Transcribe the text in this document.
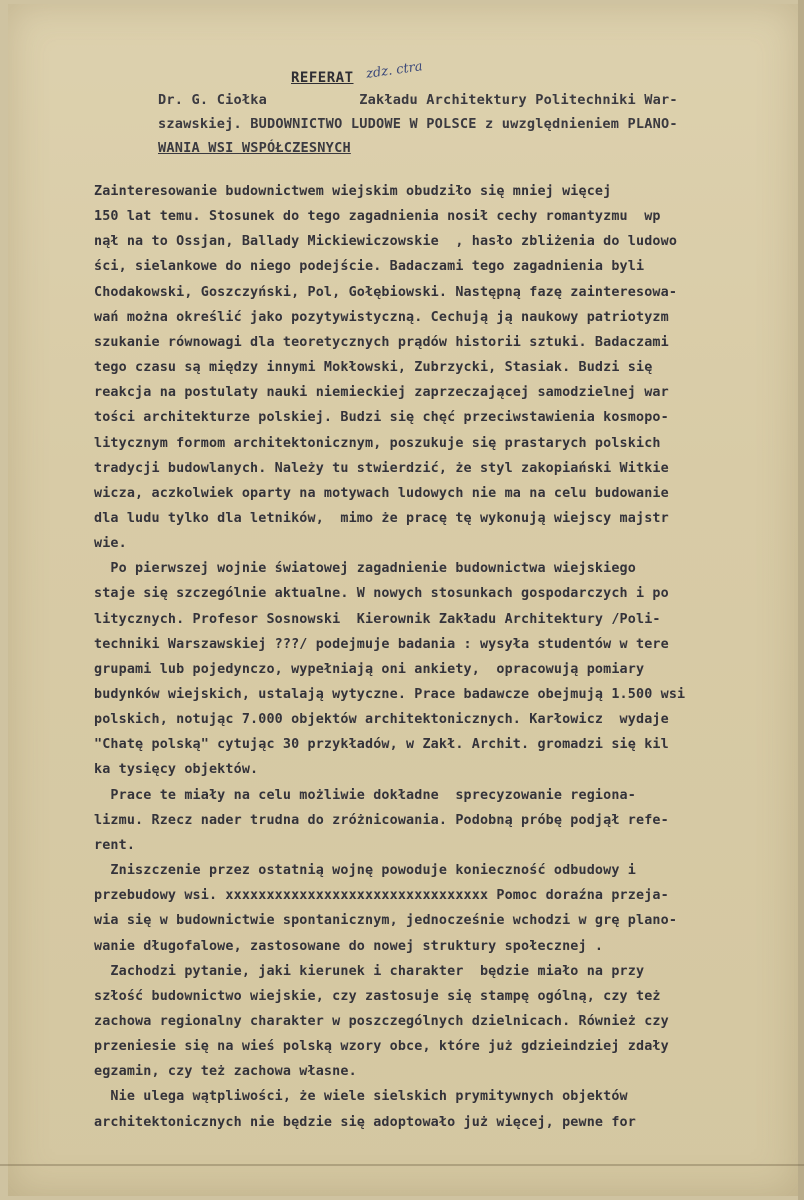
REFERAT zdz. ctra
Dr. G. Ciołka           Zakładu Architektury Politechniki War-
szawskiej. BUDOWNICTWO LUDOWE W POLSCE z uwzględnieniem PLANO-
WANIA WSI WSPÓŁCZESNYCH
Zainteresowanie budownictwem wiejskim obudziło się mniej więcej
150 lat temu. Stosunek do tego zagadnienia nosił cechy romantyzmu  wp
nął na to Ossjan, Ballady Mickiewiczowskie  , hasło zbliżenia do ludowo
ści, sielankowe do niego podejście. Badaczami tego zagadnienia byli
Chodakowski, Goszczyński, Pol, Gołębiowski. Następną fazę zainteresowa-
wań można określić jako pozytywistyczną. Cechują ją naukowy patriotyzm
szukanie równowagi dla teoretycznych prądów historii sztuki. Badaczami
tego czasu są między innymi Mokłowski, Zubrzycki, Stasiak. Budzi się
reakcja na postulaty nauki niemieckiej zaprzeczającej samodzielnej war
tości architekturze polskiej. Budzi się chęć przeciwstawienia kosmopo-
litycznym formom architektonicznym, poszukuje się prastarych polskich
tradycji budowlanych. Należy tu stwierdzić, że styl zakopiański Witkie
wicza, aczkolwiek oparty na motywach ludowych nie ma na celu budowanie
dla ludu tylko dla letników,  mimo że pracę tę wykonują wiejscy majstr
wie.
Po pierwszej wojnie światowej zagadnienie budownictwa wiejskiego
staje się szczególnie aktualne. W nowych stosunkach gospodarczych i po
litycznych. Profesor Sosnowski  Kierownik Zakładu Architektury /Poli-
techniki Warszawskiej ???/ podejmuje badania : wysyła studentów w tere
grupami lub pojedynczo, wypełniają oni ankiety,  opracowują pomiary
budynków wiejskich, ustalają wytyczne. Prace badawcze obejmują 1.500 wsi
polskich, notując 7.000 objektów architektonicznych. Karłowicz  wydaje
"Chatę polską" cytując 30 przykładów, w Zakł. Archit. gromadzi się kil
ka tysięcy objektów.
Prace te miały na celu możliwie dokładne  sprecyzowanie regiona-
lizmu. Rzecz nader trudna do zróżnicowania. Podobną próbę podjął refe-
rent.
Zniszczenie przez ostatnią wojnę powoduje konieczność odbudowy i
przebudowy wsi. xxxxxxxxxxxxxxxxxxxxxxxxxxxxxxxx Pomoc doraźna przeja-
wia się w budownictwie spontanicznym, jednocześnie wchodzi w grę plano-
wanie długofalowe, zastosowane do nowej struktury społecznej .
Zachodzi pytanie, jaki kierunek i charakter  będzie miało na przy
szłość budownictwo wiejskie, czy zastosuje się stampę ogólną, czy też
zachowa regionalny charakter w poszczególnych dzielnicach. Również czy
przeniesie się na wieś polską wzory obce, które już gdzieindziej zdały
egzamin, czy też zachowa własne.
Nie ulega wątpliwości, że wiele sielskich prymitywnych objektów
architektonicznych nie będzie się adoptowało już więcej, pewne for
